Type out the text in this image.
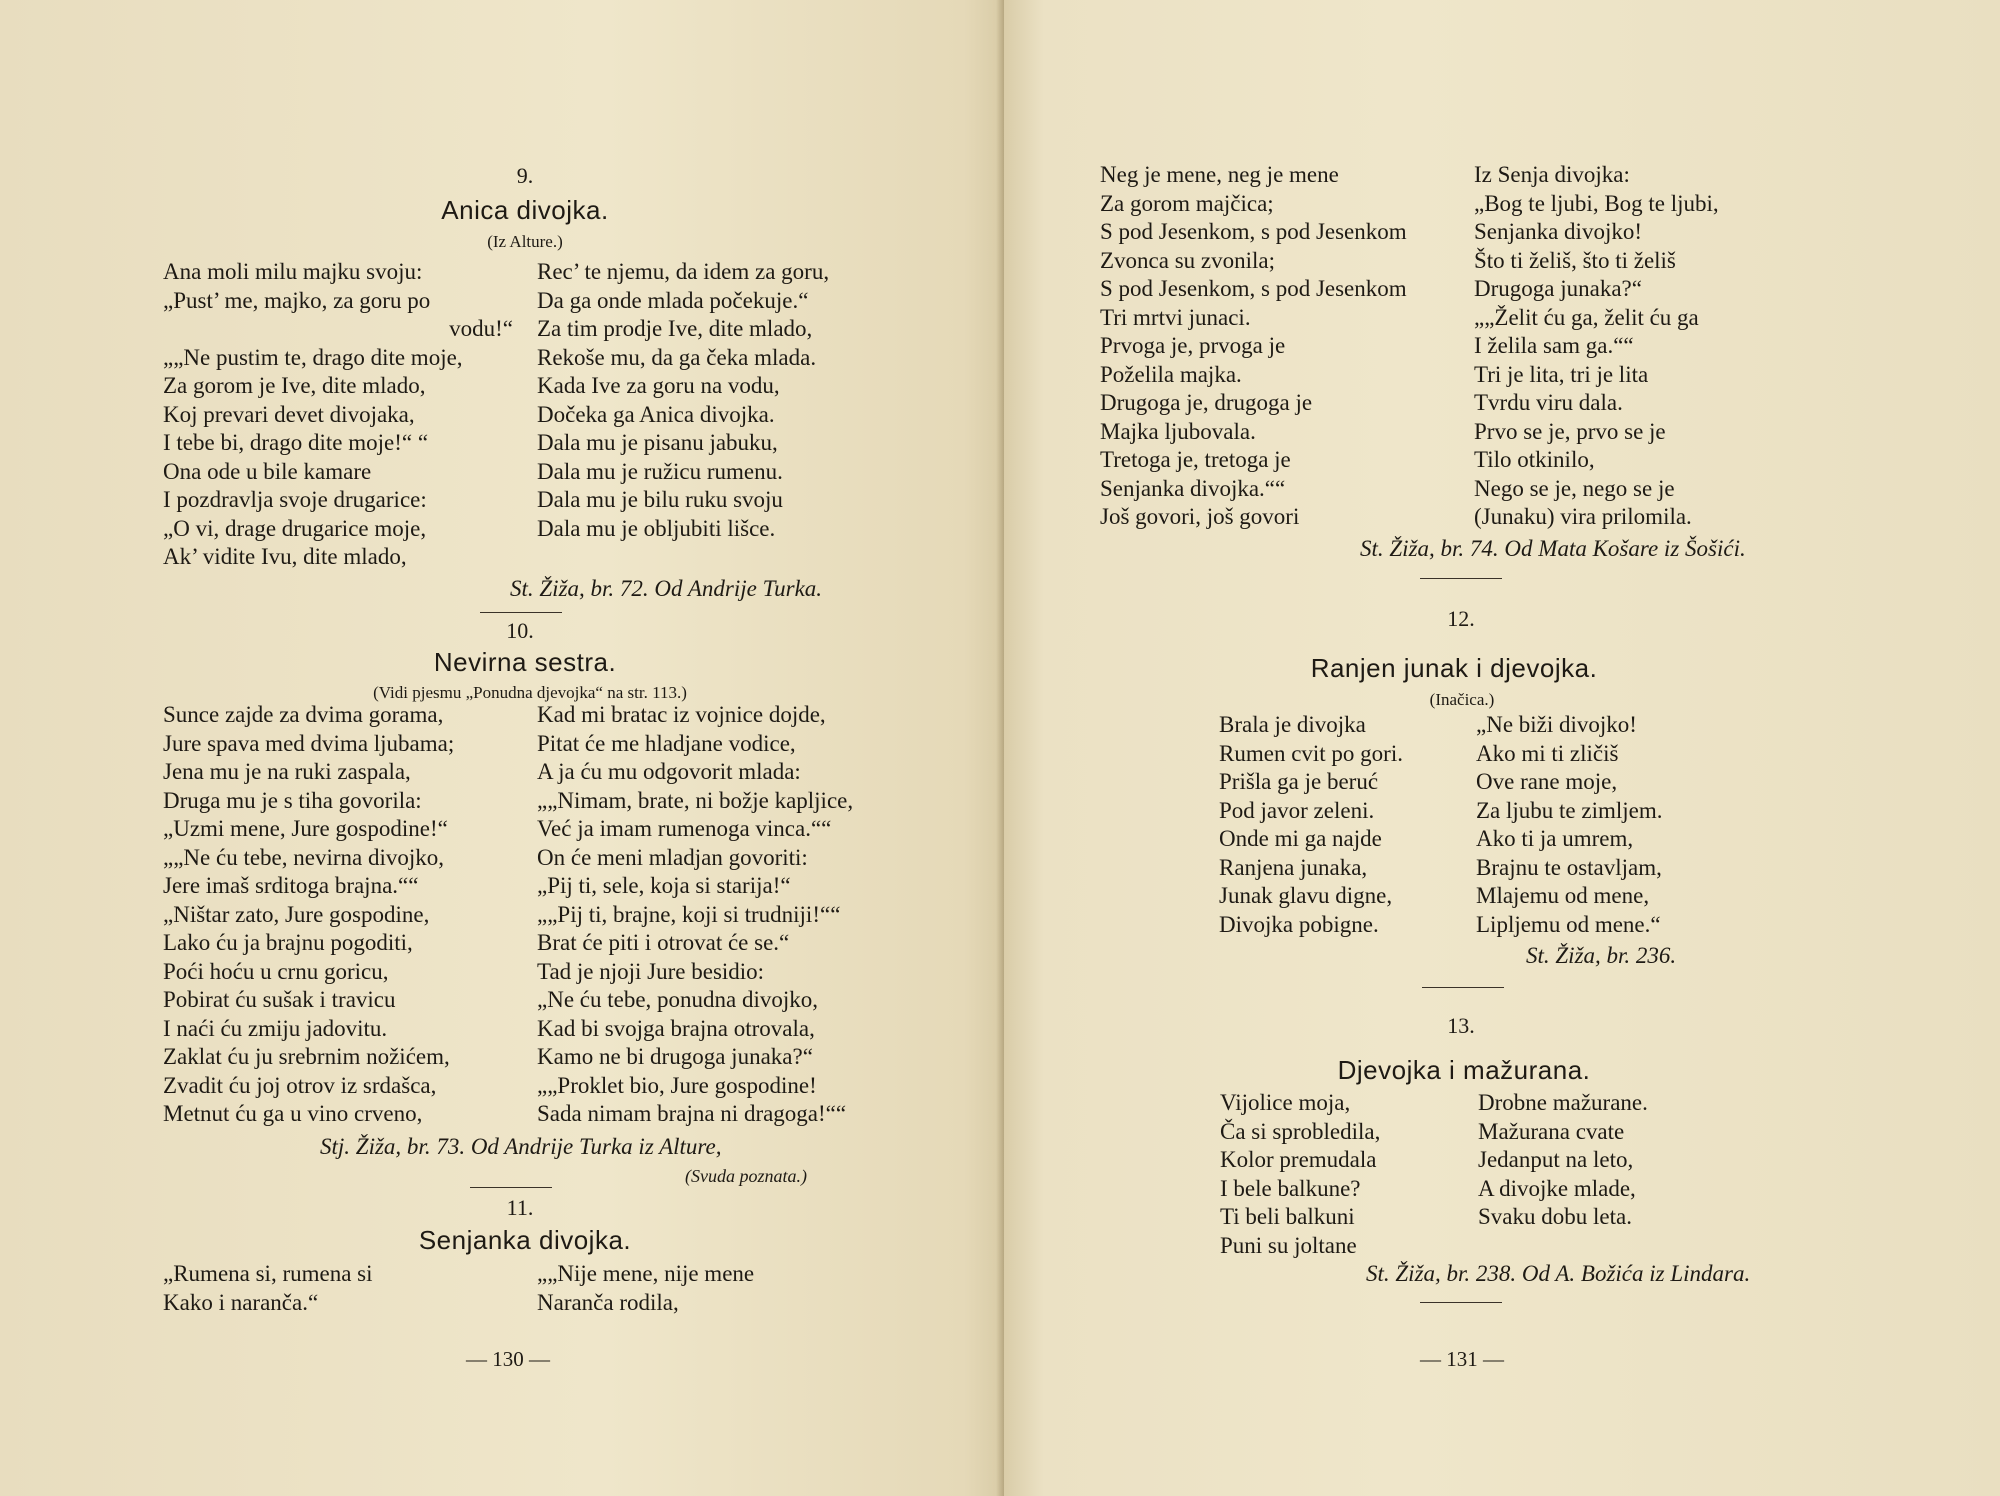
9.
Anica divojka.
(Iz Alture.)
Ana moli milu majku svoju:
„Pust’ me, majko, za goru po
vodu!“
„„Ne pustim te, drago dite moje,
Za gorom je Ive, dite mlado,
Koj prevari devet divojaka,
I tebe bi, drago dite moje!“ “
Ona ode u bile kamare
I pozdravlja svoje drugarice:
„O vi, drage drugarice moje,
Ak’ vidite Ivu, dite mlado,
Rec’ te njemu, da idem za goru,
Da ga onde mlada počekuje.“
Za tim prodje Ive, dite mlado,
Rekoše mu, da ga čeka mlada.
Kada Ive za goru na vodu,
Dočeka ga Anica divojka.
Dala mu je pisanu jabuku,
Dala mu je ružicu rumenu.
Dala mu je bilu ruku svoju
Dala mu je obljubiti lišce.
St. Žiža, br. 72. Od Andrije Turka.
10.
Nevirna sestra.
(Vidi pjesmu „Ponudna djevojka“ na str. 113.)
Sunce zajde za dvima gorama,
Jure spava med dvima ljubama;
Jena mu je na ruki zaspala,
Druga mu je s tiha govorila:
„Uzmi mene, Jure gospodine!“
„„Ne ću tebe, nevirna divojko,
Jere imaš srditoga brajna.““
„Ništar zato, Jure gospodine,
Lako ću ja brajnu pogoditi,
Poći hoću u crnu goricu,
Pobirat ću sušak i travicu
I naći ću zmiju jadovitu.
Zaklat ću ju srebrnim nožićem,
Zvadit ću joj otrov iz srdašca,
Metnut ću ga u vino crveno,
Kad mi bratac iz vojnice dojde,
Pitat će me hladjane vodice,
A ja ću mu odgovorit mlada:
„„Nimam, brate, ni božje kapljice,
Već ja imam rumenoga vinca.““
On će meni mladjan govoriti:
„Pij ti, sele, koja si starija!“
„„Pij ti, brajne, koji si trudniji!““
Brat će piti i otrovat će se.“
Tad je njoji Jure besidio:
„Ne ću tebe, ponudna divojko,
Kad bi svojga brajna otrovala,
Kamo ne bi drugoga junaka?“
„„Proklet bio, Jure gospodine!
Sada nimam brajna ni dragoga!““
Stj. Žiža, br. 73. Od Andrije Turka iz Alture,
(Svuda poznata.)
11.
Senjanka divojka.
„Rumena si, rumena si
Kako i naranča.“
„„Nije mene, nije mene
Naranča rodila,
— 130 —
Neg je mene, neg je mene
Za gorom majčica;
S pod Jesenkom, s pod Jesenkom
Zvonca su zvonila;
S pod Jesenkom, s pod Jesenkom
Tri mrtvi junaci.
Prvoga je, prvoga je
Poželila majka.
Drugoga je, drugoga je
Majka ljubovala.
Tretoga je, tretoga je
Senjanka divojka.““
Još govori, još govori
Iz Senja divojka:
„Bog te ljubi, Bog te ljubi,
Senjanka divojko!
Što ti želiš, što ti želiš
Drugoga junaka?“
„„Želit ću ga, želit ću ga
I želila sam ga.““
Tri je lita, tri je lita
Tvrdu viru dala.
Prvo se je, prvo se je
Tilo otkinilo,
Nego se je, nego se je
(Junaku) vira prilomila.
St. Žiža, br. 74. Od Mata Košare iz Šošići.
12.
Ranjen junak i djevojka.
(Inačica.)
Brala je divojka
Rumen cvit po gori.
Prišla ga je beruć
Pod javor zeleni.
Onde mi ga najde
Ranjena junaka,
Junak glavu digne,
Divojka pobigne.
„Ne biži divojko!
Ako mi ti zličiš
Ove rane moje,
Za ljubu te zimljem.
Ako ti ja umrem,
Brajnu te ostavljam,
Mlajemu od mene,
Lipljemu od mene.“
St. Žiža, br. 236.
13.
Djevojka i mažurana.
Vijolice moja,
Ča si sprobledila,
Kolor premudala
I bele balkune?
Ti beli balkuni
Puni su joltane
Drobne mažurane.
Mažurana cvate
Jedanput na leto,
A divojke mlade,
Svaku dobu leta.
St. Žiža, br. 238. Od A. Božića iz Lindara.
— 131 —
